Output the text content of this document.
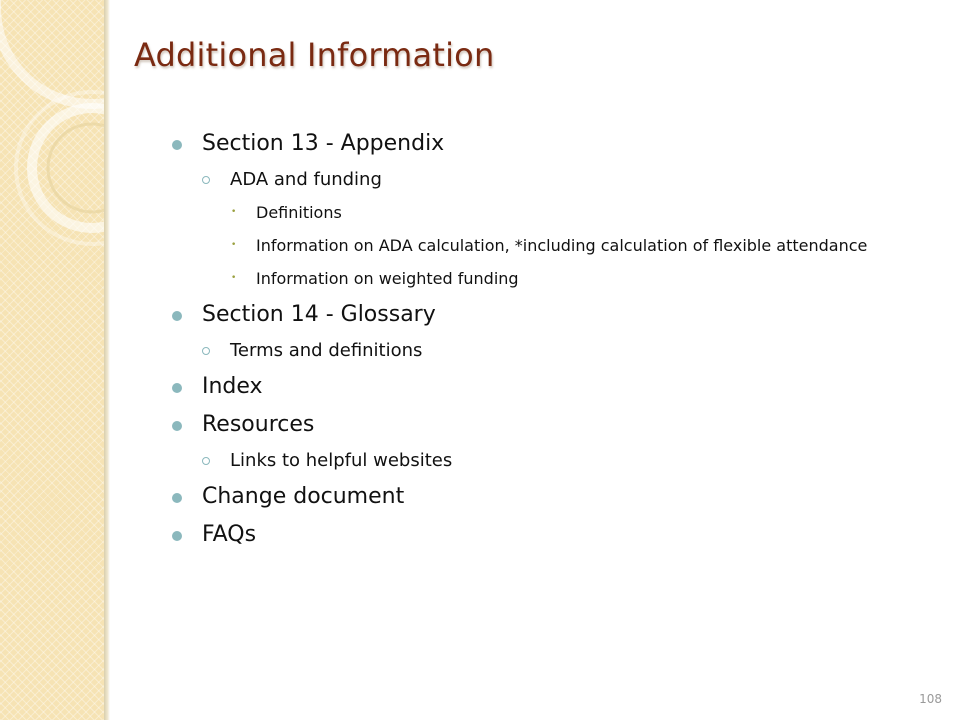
Additional Information
Section 13 - Appendix
ADA and funding
• Definitions
• Information on ADA calculation, *including calculation of flexible attendance
• Information on weighted funding
Section 14 - Glossary
Terms and definitions
Index
Resources
Links to helpful websites
Change document
FAQs
108
